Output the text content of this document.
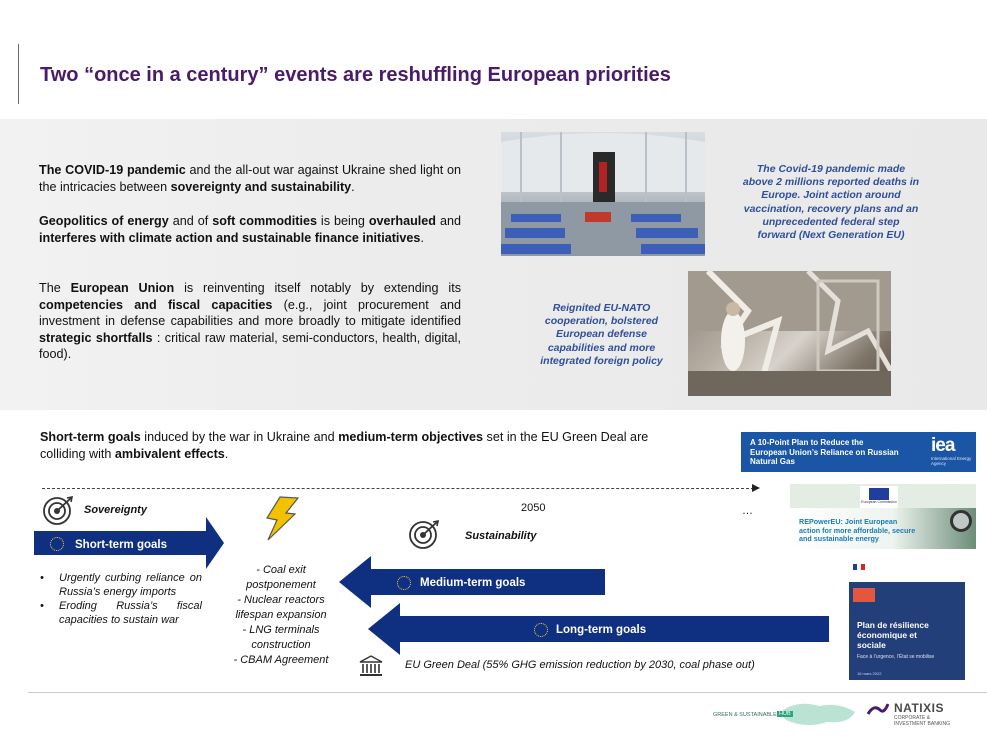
Two “once in a century” events are reshuffling European priorities
The COVID-19 pandemic and the all-out war against Ukraine shed light on the intricacies between sovereignty and sustainability.
Geopolitics of energy and of soft commodities is being overhauled and interferes with climate action and sustainable finance initiatives.
The European Union is reinventing itself notably by extending its competencies and fiscal capacities (e.g., joint procurement and investment in defense capabilities and more broadly to mitigate identified strategic shortfalls : critical raw material, semi-conductors, health, digital, food).
The Covid-19 pandemic made above 2 millions reported deaths in Europe. Joint action around vaccination, recovery plans and an unprecedented federal step forward (Next Generation EU)
Reignited EU-NATO cooperation, bolstered European defense capabilities and more integrated foreign policy
Short-term goals induced by the war in Ukraine and medium-term objectives set in the EU Green Deal are colliding with ambivalent effects.
A 10-Point Plan to Reduce the European Union’s Reliance on Russian Natural Gas
iea
International Energy Agency
European Commission
REPowerEU: Joint European action for more affordable, secure and sustainable energy
Plan de résilience économique et sociale
Face à l’urgence, l’État se mobilise
16 mars 2022
2050	…
Sovereignty
Short-term goals
• Urgently curbing reliance on Russia’s energy imports
• Eroding Russia’s fiscal capacities to sustain war
- Coal exit postponement
- Nuclear reactors lifespan expansion
- LNG terminals construction
- CBAM Agreement
Sustainability
Medium-term goals
Long-term goals
EU Green Deal (55% GHG emission reduction by 2030, coal phase out)
GREEN & SUSTAINABLE HUB	NATIXIS
CORPORATE &
INVESTMENT BANKING
